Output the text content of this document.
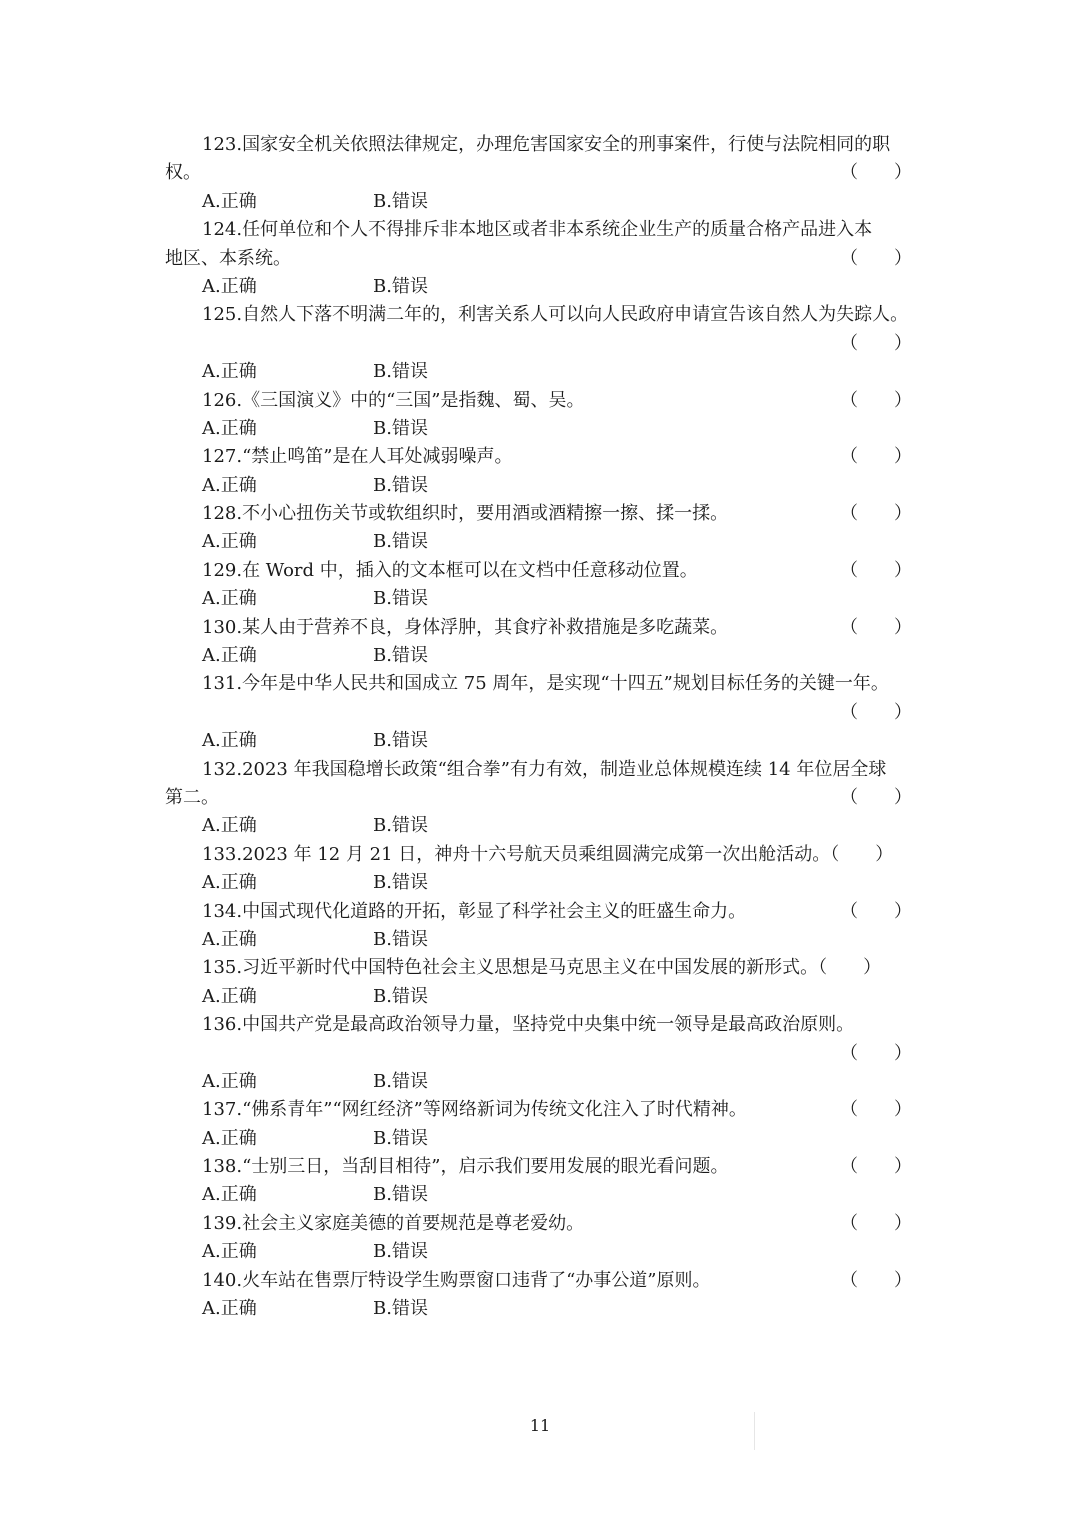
123.国家安全机关依照法律规定，办理危害国家安全的刑事案件，行使与法院相同的职
权。	（　　）
A.正确	B.错误
124.任何单位和个人不得排斥非本地区或者非本系统企业生产的质量合格产品进入本
地区、本系统。	（　　）
A.正确	B.错误
125.自然人下落不明满二年的，利害关系人可以向人民政府申请宣告该自然人为失踪人。
（　　）
A.正确	B.错误
126.《三国演义》中的“三国”是指魏、蜀、吴。	（　　）
A.正确	B.错误
127.“禁止鸣笛”是在人耳处减弱噪声。	（　　）
A.正确	B.错误
128.不小心扭伤关节或软组织时，要用酒或酒精擦一擦、揉一揉。	（　　）
A.正确	B.错误
129.在 Word 中，插入的文本框可以在文档中任意移动位置。	（　　）
A.正确	B.错误
130.某人由于营养不良，身体浮肿，其食疗补救措施是多吃蔬菜。	（　　）
A.正确	B.错误
131.今年是中华人民共和国成立 75 周年，是实现“十四五”规划目标任务的关键一年。
（　　）
A.正确	B.错误
132.2023 年我国稳增长政策“组合拳”有力有效，制造业总体规模连续 14 年位居全球
第二。	（　　）
A.正确	B.错误
133.2023 年 12 月 21 日，神舟十六号航天员乘组圆满完成第一次出舱活动。（　　）
A.正确	B.错误
134.中国式现代化道路的开拓，彰显了科学社会主义的旺盛生命力。	（　　）
A.正确	B.错误
135.习近平新时代中国特色社会主义思想是马克思主义在中国发展的新形式。（　　）
A.正确	B.错误
136.中国共产党是最高政治领导力量，坚持党中央集中统一领导是最高政治原则。
（　　）
A.正确	B.错误
137.“佛系青年”“网红经济”等网络新词为传统文化注入了时代精神。	（　　）
A.正确	B.错误
138.“士别三日，当刮目相待”，启示我们要用发展的眼光看问题。	（　　）
A.正确	B.错误
139.社会主义家庭美德的首要规范是尊老爱幼。	（　　）
A.正确	B.错误
140.火车站在售票厅特设学生购票窗口违背了“办事公道”原则。	（　　）
A.正确	B.错误
11
